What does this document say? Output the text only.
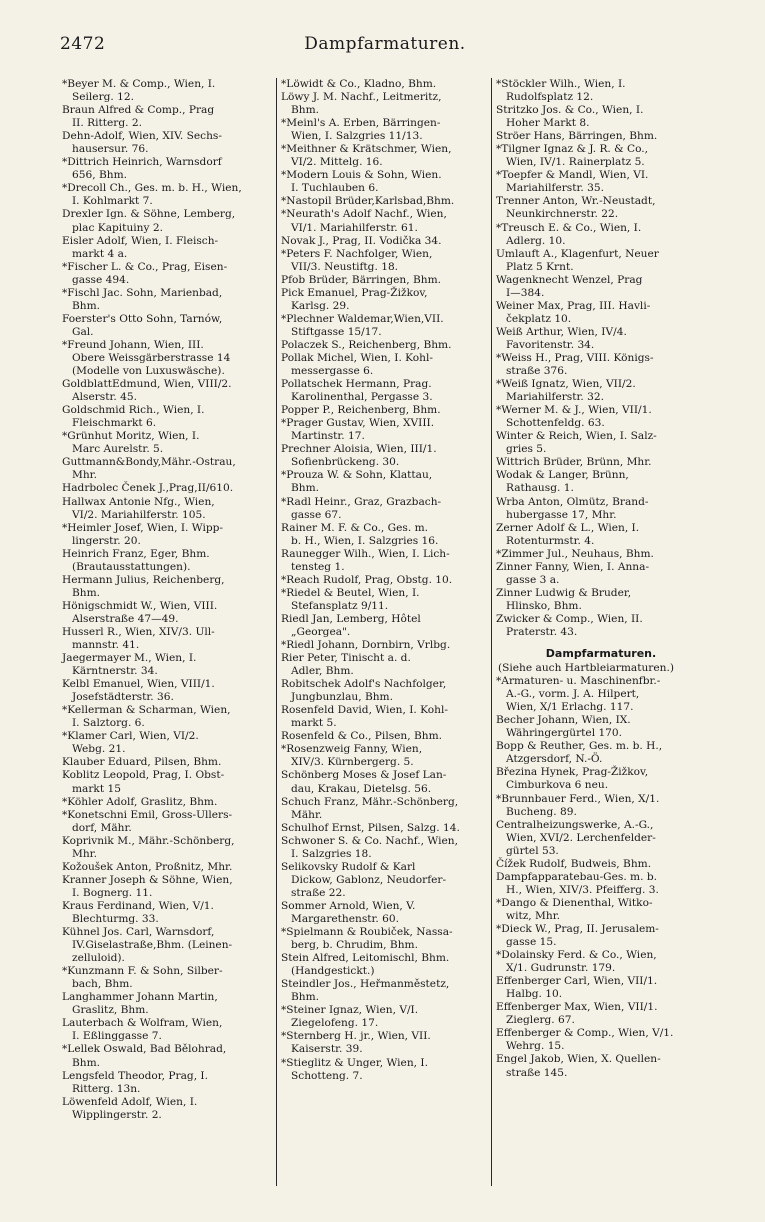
2472	Dampfarmaturen.
*Beyer M. & Comp., Wien, I.
Seilerg. 12.
Braun Alfred & Comp., Prag
II. Ritterg. 2.
Dehn-Adolf, Wien, XIV. Sechs-
hausersur. 76.
*Dittrich Heinrich, Warnsdorf
656, Bhm.
*Drecoll Ch., Ges. m. b. H., Wien,
I. Kohlmarkt 7.
Drexler Ign. & Söhne, Lemberg,
plac Kapituiny 2.
Eisler Adolf, Wien, I. Fleisch-
markt 4 a.
*Fischer L. & Co., Prag, Eisen-
gasse 494.
*Fischl Jac. Sohn, Marienbad,
Bhm.
Foerster's Otto Sohn, Tarnów,
Gal.
*Freund Johann, Wien, III.
Obere Weissgärberstrasse 14
(Modelle von Luxuswäsche).
GoldblattEdmund, Wien, VIII/2.
Alserstr. 45.
Goldschmid Rich., Wien, I.
Fleischmarkt 6.
*Grünhut Moritz, Wien, I.
Marc Aurelstr. 5.
Guttmann&Bondy,Mähr.-Ostrau,
Mhr.
Hadrbolec Čenek J.,Prag,II/610.
Hallwax Antonie Nfg., Wien,
VI/2. Mariahilferstr. 105.
*Heimler Josef, Wien, I. Wipp-
lingerstr. 20.
Heinrich Franz, Eger, Bhm.
(Brautausstattungen).
Hermann Julius, Reichenberg,
Bhm.
Hönigschmidt W., Wien, VIII.
Alserstraße 47—49.
Husserl R., Wien, XIV/3. Ull-
mannstr. 41.
Jaegermayer M., Wien, I.
Kärntnerstr. 34.
Kelbl Emanuel, Wien, VIII/1.
Josefstädterstr. 36.
*Kellerman & Scharman, Wien,
I. Salztorg. 6.
*Klamer Carl, Wien, VI/2.
Webg. 21.
Klauber Eduard, Pilsen, Bhm.
Koblitz Leopold, Prag, I. Obst-
markt 15
*Köhler Adolf, Graslitz, Bhm.
*Konetschni Emil, Gross-Ullers-
dorf, Mähr.
Koprivnik M., Mähr.-Schönberg,
Mhr.
Kožoušek Anton, Proßnitz, Mhr.
Kranner Joseph & Söhne, Wien,
I. Bognerg. 11.
Kraus Ferdinand, Wien, V/1.
Blechturmg. 33.
Kühnel Jos. Carl, Warnsdorf,
IV.Giselastraße,Bhm. (Leinen-
zelluloid).
*Kunzmann F. & Sohn, Silber-
bach, Bhm.
Langhammer Johann Martin,
Graslitz, Bhm.
Lauterbach & Wolfram, Wien,
I. Eßlinggasse 7.
*Lellek Oswald, Bad Bělohrad,
Bhm.
Lengsfeld Theodor, Prag, I.
Ritterg. 13n.
Löwenfeld Adolf, Wien, I.
Wipplingerstr. 2.
*Löwidt & Co., Kladno, Bhm.
Löwy J. M. Nachf., Leitmeritz,
Bhm.
*Meinl's A. Erben, Bärringen-
Wien, I. Salzgries 11/13.
*Meithner & Krätschmer, Wien,
VI/2. Mittelg. 16.
*Modern Louis & Sohn, Wien.
I. Tuchlauben 6.
*Nastopil Brüder,Karlsbad,Bhm.
*Neurath's Adolf Nachf., Wien,
VI/1. Mariahilferstr. 61.
Novak J., Prag, II. Vodička 34.
*Peters F. Nachfolger, Wien,
VII/3. Neustiftg. 18.
Pfob Brüder, Bärringen, Bhm.
Pick Emanuel, Prag-Žižkov,
Karlsg. 29.
*Plechner Waldemar,Wien,VII.
Stiftgasse 15/17.
Polaczek S., Reichenberg, Bhm.
Pollak Michel, Wien, I. Kohl-
messergasse 6.
Pollatschek Hermann, Prag.
Karolinenthal, Pergasse 3.
Popper P., Reichenberg, Bhm.
*Prager Gustav, Wien, XVIII.
Martinstr. 17.
Prechner Aloisia, Wien, III/1.
Sofienbrückeng. 30.
*Prouza W. & Sohn, Klattau,
Bhm.
*Radl Heinr., Graz, Grazbach-
gasse 67.
Rainer M. F. & Co., Ges. m.
b. H., Wien, I. Salzgries 16.
Raunegger Wilh., Wien, I. Lich-
tensteg 1.
*Reach Rudolf, Prag, Obstg. 10.
*Riedel & Beutel, Wien, I.
Stefansplatz 9/11.
Riedl Jan, Lemberg, Hôtel
„Georgea".
*Riedl Johann, Dornbirn, Vrlbg.
Rier Peter, Tinischt a. d.
Adler, Bhm.
Robitschek Adolf's Nachfolger,
Jungbunzlau, Bhm.
Rosenfeld David, Wien, I. Kohl-
markt 5.
Rosenfeld & Co., Pilsen, Bhm.
*Rosenzweig Fanny, Wien,
XIV/3. Kürnbergerg. 5.
Schönberg Moses & Josef Lan-
dau, Krakau, Dietelsg. 56.
Schuch Franz, Mähr.-Schönberg,
Mähr.
Schulhof Ernst, Pilsen, Salzg. 14.
Schwoner S. & Co. Nachf., Wien,
I. Salzgries 18.
Selikovsky Rudolf & Karl
Dickow, Gablonz, Neudorfer-
straße 22.
Sommer Arnold, Wien, V.
Margarethenstr. 60.
*Spielmann & Roubiček, Nassa-
berg, b. Chrudim, Bhm.
Stein Alfred, Leitomischl, Bhm.
(Handgestickt.)
Steindler Jos., Heřmanměstetz,
Bhm.
*Steiner Ignaz, Wien, V/I.
Ziegelofeng. 17.
*Sternberg H. jr., Wien, VII.
Kaiserstr. 39.
*Stieglitz & Unger, Wien, I.
Schotteng. 7.
*Stöckler Wilh., Wien, I.
Rudolfsplatz 12.
Stritzko Jos. & Co., Wien, I.
Hoher Markt 8.
Ströer Hans, Bärringen, Bhm.
*Tilgner Ignaz & J. R. & Co.,
Wien, IV/1. Rainerplatz 5.
*Toepfer & Mandl, Wien, VI.
Mariahilferstr. 35.
Trenner Anton, Wr.-Neustadt,
Neunkirchnerstr. 22.
*Treusch E. & Co., Wien, I.
Adlerg. 10.
Umlauft A., Klagenfurt, Neuer
Platz 5 Krnt.
Wagenknecht Wenzel, Prag
I—384.
Weiner Max, Prag, III. Havli-
čekplatz 10.
Weiß Arthur, Wien, IV/4.
Favoritenstr. 34.
*Weiss H., Prag, VIII. Königs-
straße 376.
*Weiß Ignatz, Wien, VII/2.
Mariahilferstr. 32.
*Werner M. & J., Wien, VII/1.
Schottenfeldg. 63.
Winter & Reich, Wien, I. Salz-
gries 5.
Wittrich Brüder, Brünn, Mhr.
Wodak & Langer, Brünn,
Rathausg. 1.
Wrba Anton, Olmütz, Brand-
hubergasse 17, Mhr.
Zerner Adolf & L., Wien, I.
Rotenturmstr. 4.
*Zimmer Jul., Neuhaus, Bhm.
Zinner Fanny, Wien, I. Anna-
gasse 3 a.
Zinner Ludwig & Bruder,
Hlinsko, Bhm.
Zwicker & Comp., Wien, II.
Praterstr. 43.
Dampfarmaturen.
(Siehe auch Hartbleiarmaturen.)
*Armaturen- u. Maschinenfbr.-
A.-G., vorm. J. A. Hilpert,
Wien, X/1 Erlachg. 117.
Becher Johann, Wien, IX.
Währingergürtel 170.
Bopp & Reuther, Ges. m. b. H.,
Atzgersdorf, N.-Ö.
Březina Hynek, Prag-Žižkov,
Cimburkova 6 neu.
*Brunnbauer Ferd., Wien, X/1.
Bucheng. 89.
Centralheizungswerke, A.-G.,
Wien, XVI/2. Lerchenfelder-
gürtel 53.
Čížek Rudolf, Budweis, Bhm.
Dampfapparatebau-Ges. m. b.
H., Wien, XIV/3. Pfeifferg. 3.
*Dango & Dienenthal, Witko-
witz, Mhr.
*Dieck W., Prag, II. Jerusalem-
gasse 15.
*Dolainsky Ferd. & Co., Wien,
X/1. Gudrunstr. 179.
Effenberger Carl, Wien, VII/1.
Halbg. 10.
Effenberger Max, Wien, VII/1.
Zieglerg. 67.
Effenberger & Comp., Wien, V/1.
Wehrg. 15.
Engel Jakob, Wien, X. Quellen-
straße 145.
